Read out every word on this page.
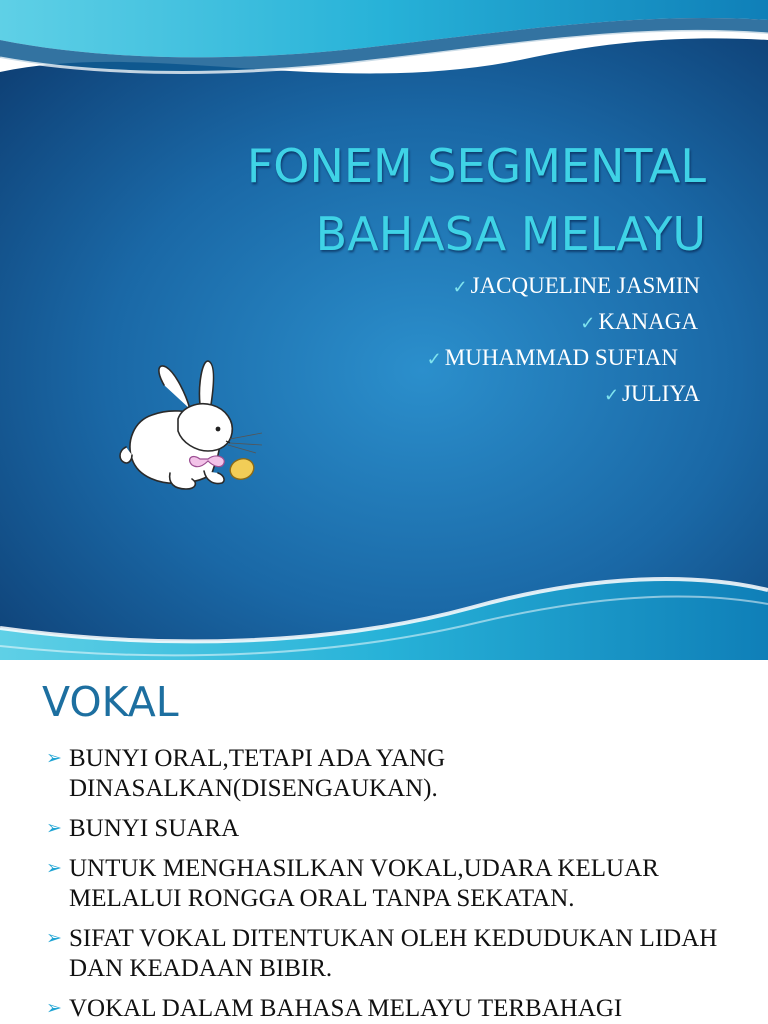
FONEM SEGMENTAL
BAHASA MELAYU
✓ JACQUELINE JASMIN
✓ KANAGA
✓ MUHAMMAD SUFIAN
✓ JULIYA
VOKAL
➢ BUNYI ORAL,TETAPI ADA YANG DINASALKAN(DISENGAUKAN).
➢ BUNYI SUARA
➢ UNTUK MENGHASILKAN VOKAL,UDARA KELUAR MELALUI RONGGA ORAL TANPA SEKATAN.
➢ SIFAT VOKAL DITENTUKAN OLEH KEDUDUKAN LIDAH DAN KEADAAN BIBIR.
➢ VOKAL DALAM BAHASA MELAYU TERBAHAGI
